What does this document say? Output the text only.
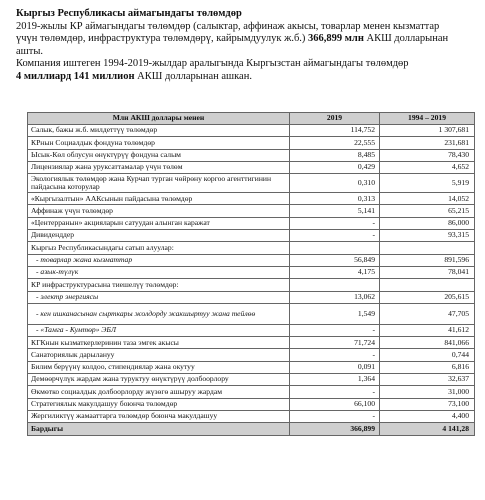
Кыргыз Республикасы аймагындагы төлөмдөр
2019-жылы КР аймагындагы төлөмдөр (салыктар, аффинаж акысы, товарлар менен кызматтар
үчүн төлөмдөр, инфраструктура төлөмдөрү, кайрымдуулук ж.б.) 366,899 млн АКШ долларынан
ашты.
Компания иштеген 1994-2019-жылдар аралыгында Кыргызстан аймагындагы төлөмдөр
4 миллиард 141 миллион АКШ долларынан ашкан.
Млн АКШ доллары менен	2019	1994 – 2019
Салык, бажы ж.б. милдеттүү төлөмдөр	114,752	1 307,681
КРнын Социалдык фондуна төлөмдөр	22,555	231,681
Ысык-Көл облусун өнүктүрүү фондуна салым	8,485	78,430
Лицензиялар жана уруксаттамалар үчүн төлөм	0,429	4,652
Экологиялык төлөмдөр жана Курчап турган чөйрөну коргоо агенттигинин пайдасына которулар	0,310	5,919
«Кыргызалтын» ААКсынын пайдасына төлөмдөр	0,313	14,052
Аффинаж үчүн төлөмдөр	5,141	65,215
«Центерранын» акцияларын сатуудан алынган каражат	-	86,000
Дивиденддер	-	93,315
Кыргыз Республикасындагы сатып алуулар:		
- товарлар жана кызматтар	56,849	891,596
- азык-түлүк	4,175	78,041
КР инфраструктурасына тиешелүү төлөмдөр:		
- электр энергиясы	13,062	205,615
- кен ишканасынан сырткары жолдорду жакшыртуу жана тейлөө	1,549	47,705
- «Тамга - Кумтөр» ЭБЛ	-	41,612
КГКнын кызматкерлеринин таза эмгек акысы	71,724	841,066
Санаториялык дарылануу	-	0,744
Билим берүүнү колдоо, стипендиялар жана окутуу	0,091	6,816
Демөөрчүлүк жардам жана туруктуу өнүктүрүү долбоорлору	1,364	32,637
Өкмөтко социалдык долбоорлорду жүзөгө ашыруу жардам	-	31,000
Стратегиялык макулдашуу боюнча төлөмдөр	66,100	73,100
Жергиликтүү жамааттарга төлөмдөр боюнча макулдашуу	-	4,400
Бардыгы	366,899	4 141,28
